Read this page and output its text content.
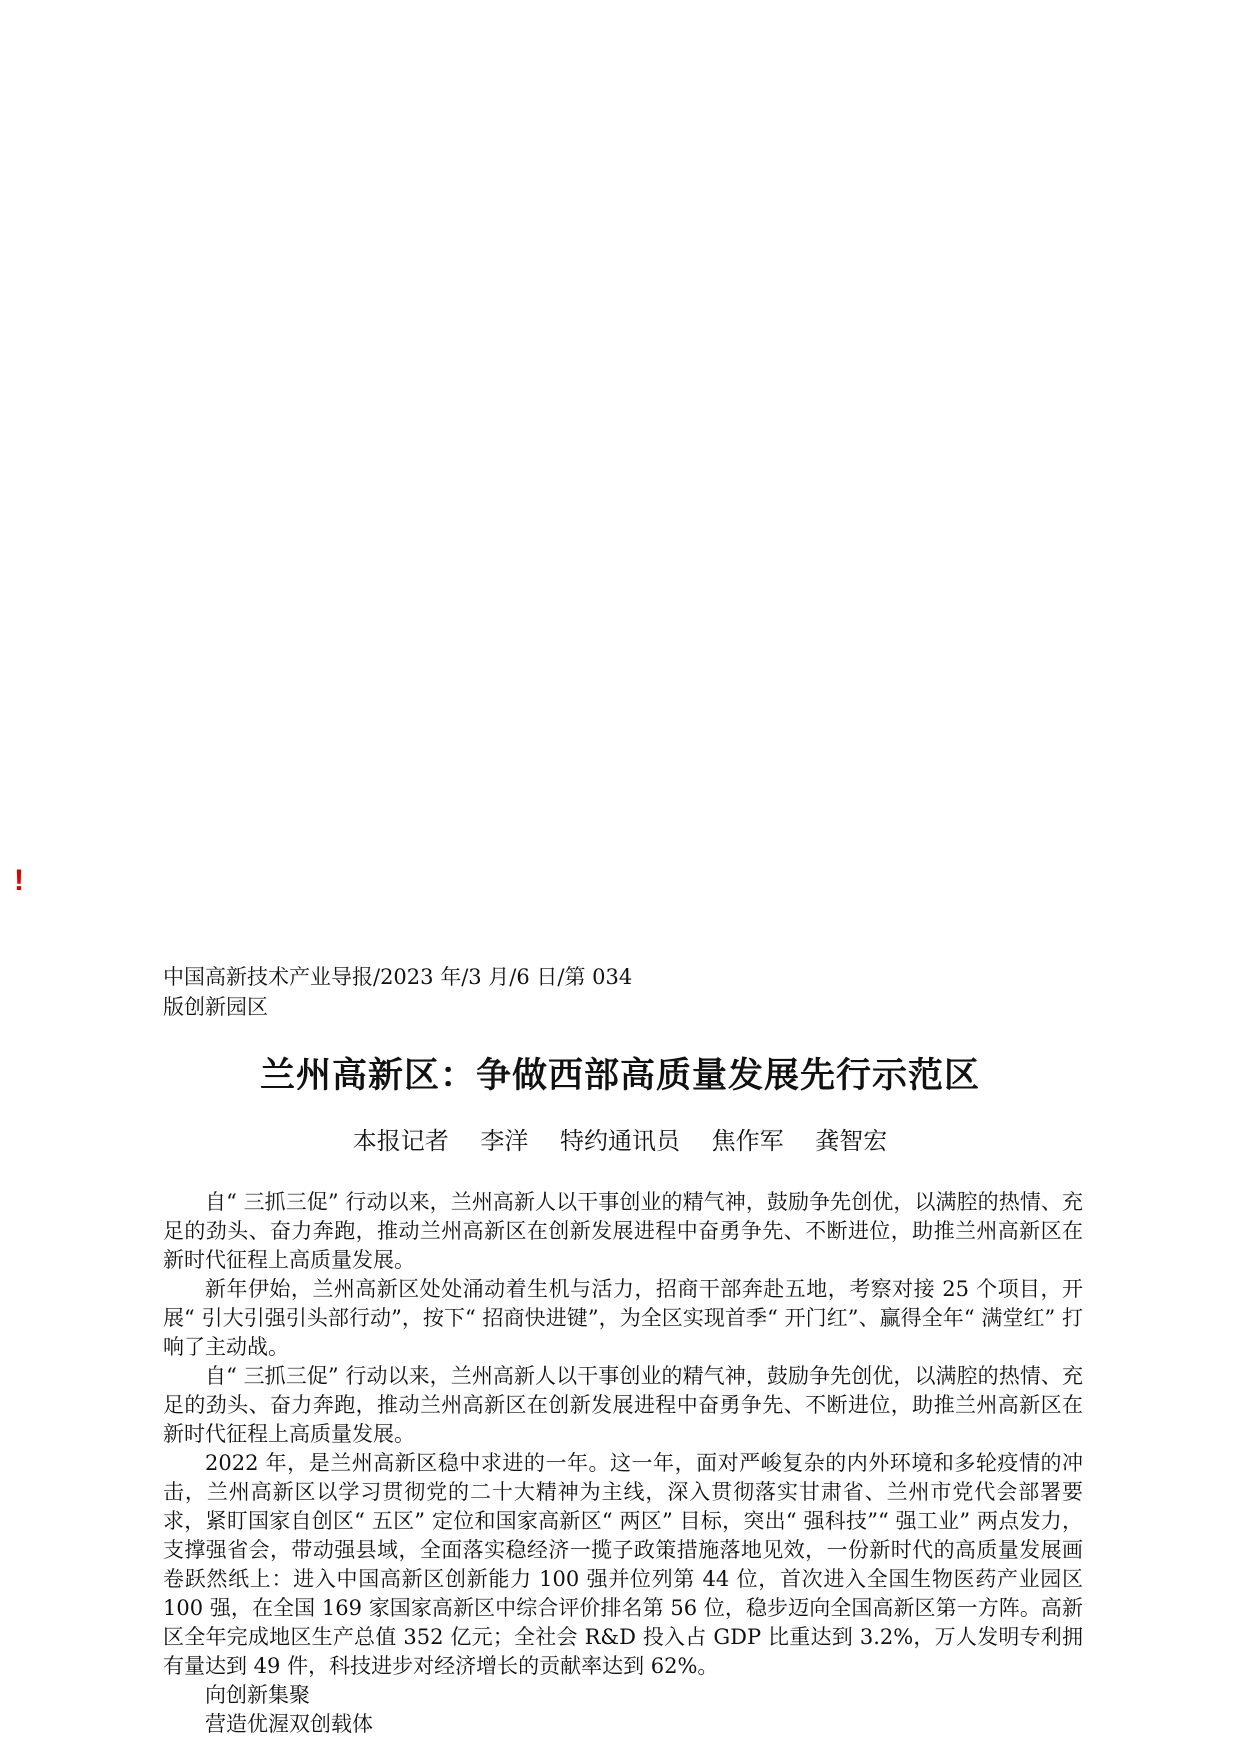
!
中国高新技术产业导报/2023 年/3 月/6 日/第 034
版创新园区
兰州高新区：争做西部高质量发展先行示范区
本报记者 李洋 特约通讯员 焦作军 龚智宏

自“ 三抓三促” 行动以来，兰州高新人以干事创业的精气神，鼓励争先创优，以满腔的热情、充足的劲头、奋力奔跑，推动兰州高新区在创新发展进程中奋勇争先、不断进位，助推兰州高新区在新时代征程上高质量发展。

新年伊始，兰州高新区处处涌动着生机与活力，招商干部奔赴五地，考察对接 25 个项目，开展“ 引大引强引头部行动”，按下“ 招商快进键”，为全区实现首季“ 开门红”、赢得全年“ 满堂红” 打响了主动战。

自“ 三抓三促” 行动以来，兰州高新人以干事创业的精气神，鼓励争先创优，以满腔的热情、充足的劲头、奋力奔跑，推动兰州高新区在创新发展进程中奋勇争先、不断进位，助推兰州高新区在新时代征程上高质量发展。

2022 年，是兰州高新区稳中求进的一年。这一年，面对严峻复杂的内外环境和多轮疫情的冲击，兰州高新区以学习贯彻党的二十大精神为主线，深入贯彻落实甘肃省、兰州市党代会部署要求，紧盯国家自创区“ 五区” 定位和国家高新区“ 两区” 目标，突出“ 强科技”“ 强工业” 两点发力，支撑强省会，带动强县域，全面落实稳经济一揽子政策措施落地见效，一份新时代的高质量发展画卷跃然纸上：进入中国高新区创新能力 100 强并位列第 44 位，首次进入全国生物医药产业园区 100 强，在全国 169 家国家高新区中综合评价排名第 56 位，稳步迈向全国高新区第一方阵。高新区全年完成地区生产总值 352 亿元；全社会 R&D 投入占 GDP 比重达到 3.2%，万人发明专利拥有量达到 49 件，科技进步对经济增长的贡献率达到 62%。

向创新集聚

营造优渥双创载体
